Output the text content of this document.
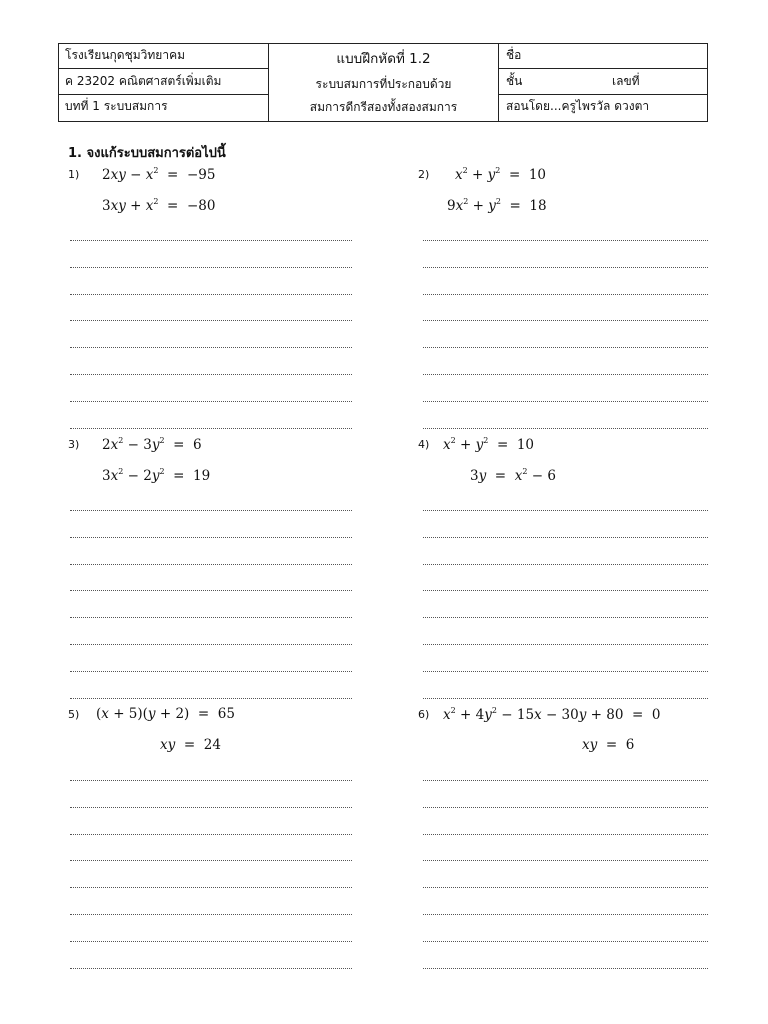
โรงเรียนกุดชุมวิทยาคม
ค 23202 คณิตศาสตร์เพิ่มเติม
บทที่ 1 ระบบสมการ
แบบฝึกหัดที่ 1.2
ระบบสมการที่ประกอบด้วย
สมการดีกรีสองทั้งสองสมการ
ชื่อ
ชั้น	เลขที่
สอนโดย...ครูไพรวัล ดวงตา
1. จงแก้ระบบสมการต่อไปนี้
1) $2xy - x^2 = -95$
$3xy + x^2 = -80$
2) $x^2 + y^2 = 10$
$9x^2 + y^2 = 18$
3) $2x^2 - 3y^2 = 6$
$3x^2 - 2y^2 = 19$
4) $x^2 + y^2 = 10$
$3y = x^2 - 6$
5) (x + 5)(y + 2)  =  65
xy  =  24
6) $x^2 + 4y^2 - 15x - 30y + 80 = 0$
xy  =  6
